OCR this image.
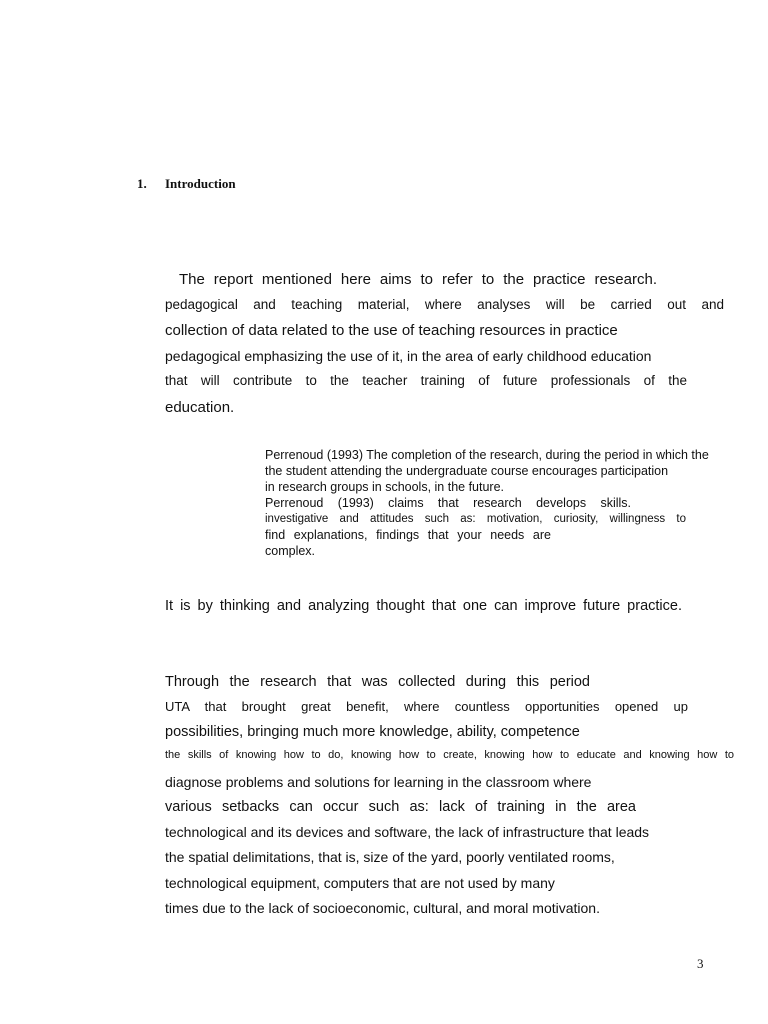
1. Introduction
The report mentioned here aims to refer to the practice research.
pedagogical and teaching material, where analyses will be carried out and
collection of data related to the use of teaching resources in practice
pedagogical emphasizing the use of it, in the area of early childhood education
that will contribute to the teacher training of future professionals of the
education.
Perrenoud (1993) The completion of the research, during the period in which the
the student attending the undergraduate course encourages participation
in research groups in schools, in the future.
Perrenoud (1993) claims that research develops skills.
investigative and attitudes such as: motivation, curiosity, willingness to
find explanations, findings that your needs are
complex.
It is by thinking and analyzing thought that one can improve future practice.
Through the research that was collected during this period
UTA that brought great benefit, where countless opportunities opened up
possibilities, bringing much more knowledge, ability, competence
the skills of knowing how to do, knowing how to create, knowing how to educate and knowing how to
diagnose problems and solutions for learning in the classroom where
various setbacks can occur such as: lack of training in the area
technological and its devices and software, the lack of infrastructure that leads
the spatial delimitations, that is, size of the yard, poorly ventilated rooms,
technological equipment, computers that are not used by many
times due to the lack of socioeconomic, cultural, and moral motivation.
3
